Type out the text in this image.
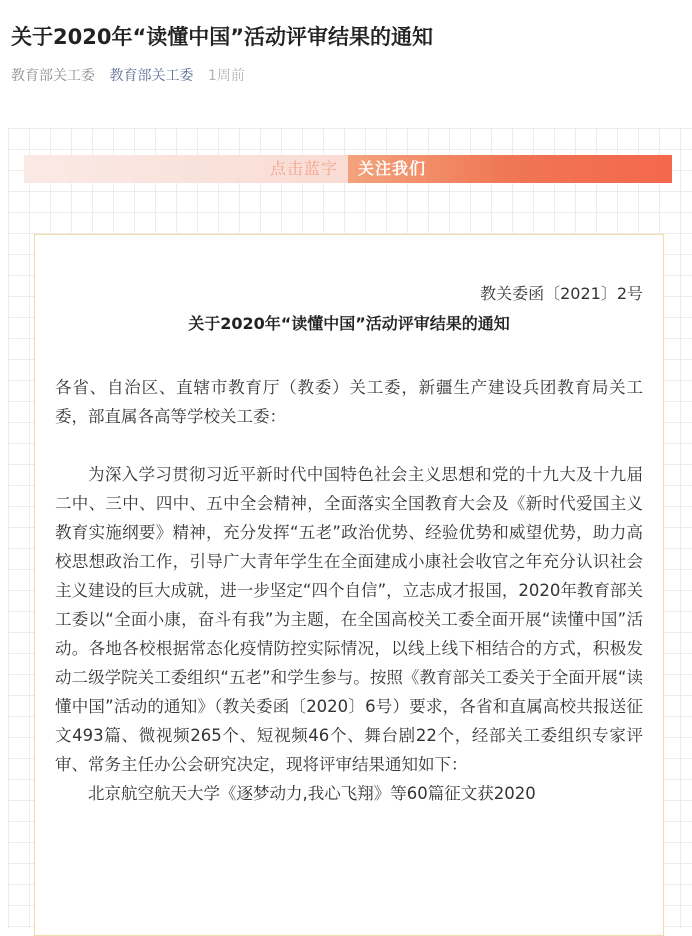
关于2020年“读懂中国”活动评审结果的通知
教育部关工委 教育部关工委 1周前
点击蓝字 关注我们
教关委函〔2021〕2号
关于2020年“读懂中国”活动评审结果的通知

各省、自治区、直辖市教育厅（教委）关工委，新疆生产建设兵团教育局关工委，部直属各高等学校关工委：

为深入学习贯彻习近平新时代中国特色社会主义思想和党的十九大及十九届二中、三中、四中、五中全会精神，全面落实全国教育大会及《新时代爱国主义教育实施纲要》精神，充分发挥“五老”政治优势、经验优势和威望优势，助力高校思想政治工作，引导广大青年学生在全面建成小康社会收官之年充分认识社会主义建设的巨大成就，进一步坚定“四个自信”，立志成才报国，2020年教育部关工委以“全面小康，奋斗有我”为主题，在全国高校关工委全面开展“读懂中国”活动。各地各校根据常态化疫情防控实际情况，以线上线下相结合的方式，积极发动二级学院关工委组织“五老”和学生参与。按照《教育部关工委关于全面开展“读懂中国”活动的通知》（教关委函〔2020〕6号）要求，各省和直属高校共报送征文493篇、微视频265个、短视频46个、舞台剧22个，经部关工委组织专家评审、常务主任办公会研究决定，现将评审结果通知如下：

北京航空航天大学《逐梦动力,我心飞翔》等60篇征文获2020
